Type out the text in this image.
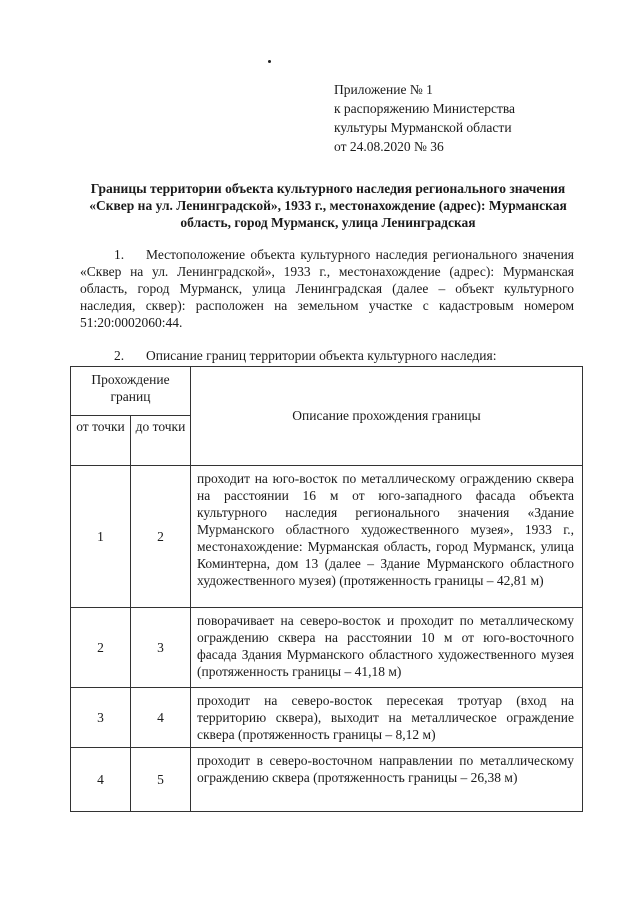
Приложение № 1
к распоряжению Министерства
культуры Мурманской области
от 24.08.2020 № 36
Границы территории объекта культурного наследия регионального значения «Сквер на ул. Ленинградской», 1933 г., местонахождение (адрес): Мурманская область, город Мурманск, улица Ленинградская
1. Местоположение объекта культурного наследия регионального значения «Сквер на ул. Ленинградской», 1933 г., местонахождение (адрес): Мурманская область, город Мурманск, улица Ленинградская (далее – объект культурного наследия, сквер): расположен на земельном участке с кадастровым номером 51:20:0002060:44.
2. Описание границ территории объекта культурного наследия:
Прохождение границ		Описание прохождения границы
от точки	до точки	
1	2	проходит на юго-восток по металлическому ограждению сквера на расстоянии 16 м от юго-западного фасада объекта культурного наследия регионального значения «Здание Мурманского областного художественного музея», 1933 г., местонахождение: Мурманская область, город Мурманск, улица Коминтерна, дом 13 (далее – Здание Мурманского областного художественного музея) (протяженность границы – 42,81 м)
2	3	поворачивает на северо-восток и проходит по металлическому ограждению сквера на расстоянии 10 м от юго-восточного фасада Здания Мурманского областного художественного музея (протяженность границы – 41,18 м)
3	4	проходит на северо-восток пересекая тротуар (вход на территорию сквера), выходит на металлическое ограждение сквера (протяженность границы – 8,12 м)
4	5	проходит в северо-восточном направлении по металлическому ограждению сквера (протяженность границы – 26,38 м)
